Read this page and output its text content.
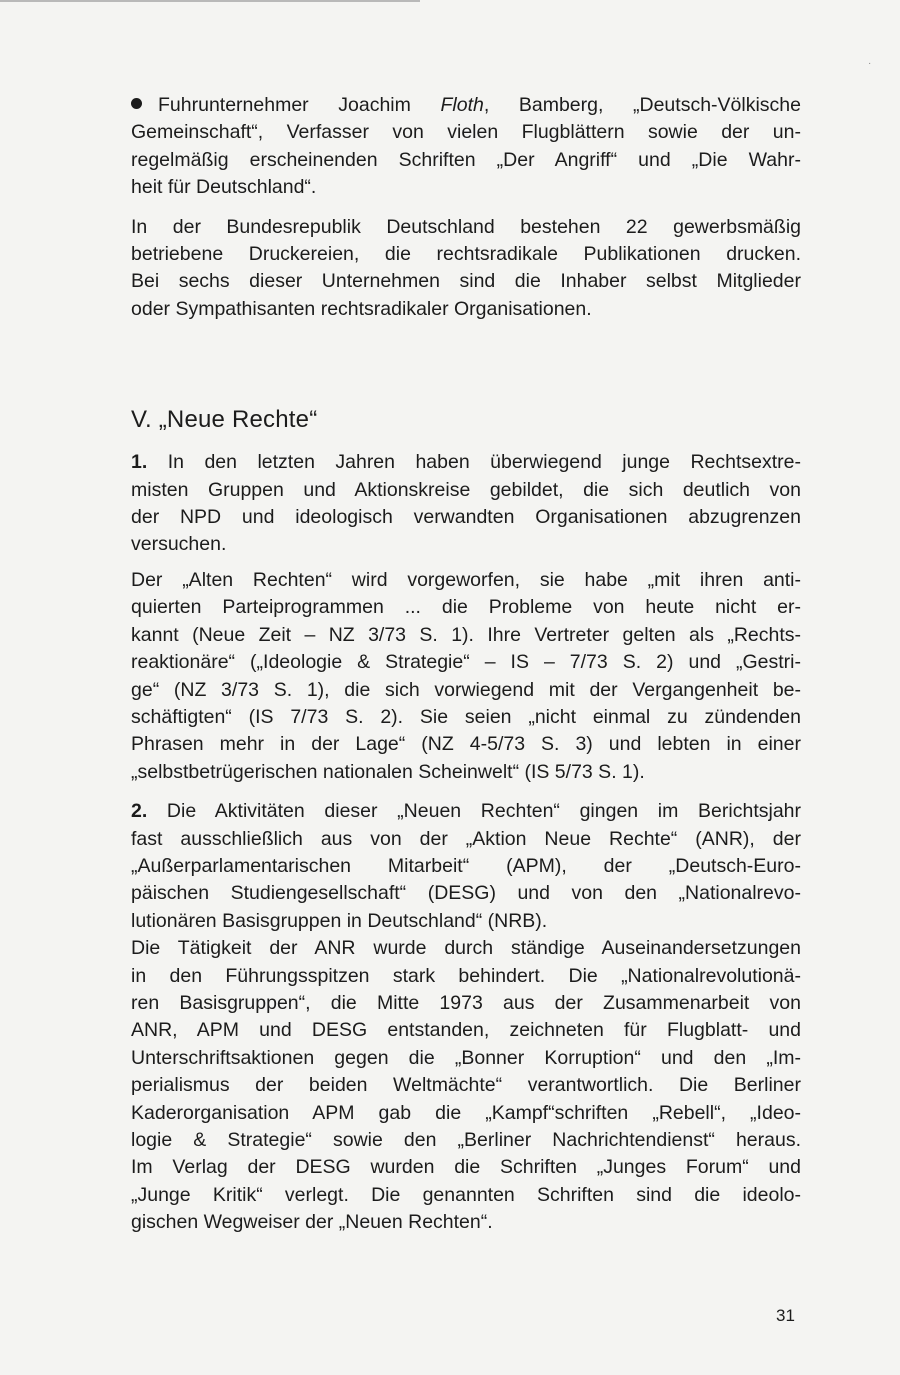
·
Fuhrunternehmer Joachim Floth, Bamberg, „Deutsch-Völkische
Gemeinschaft“, Verfasser von vielen Flugblättern sowie der un-
regelmäßig erscheinenden Schriften „Der Angriff“ und „Die Wahr-
heit für Deutschland“.
In der Bundesrepublik Deutschland bestehen 22 gewerbsmäßig
betriebene Druckereien, die rechtsradikale Publikationen drucken.
Bei sechs dieser Unternehmen sind die Inhaber selbst Mitglieder
oder Sympathisanten rechtsradikaler Organisationen.
V. „Neue Rechte“
1. In den letzten Jahren haben überwiegend junge Rechtsextre-
misten Gruppen und Aktionskreise gebildet, die sich deutlich von
der NPD und ideologisch verwandten Organisationen abzugrenzen
versuchen.
Der „Alten Rechten“ wird vorgeworfen, sie habe „mit ihren anti-
quierten Parteiprogrammen ... die Probleme von heute nicht er-
kannt (Neue Zeit – NZ 3/73 S. 1). Ihre Vertreter gelten als „Rechts-
reaktionäre“ („Ideologie & Strategie“ – IS – 7/73 S. 2) und „Gestri-
ge“ (NZ 3/73 S. 1), die sich vorwiegend mit der Vergangenheit be-
schäftigten“ (IS 7/73 S. 2). Sie seien „nicht einmal zu zündenden
Phrasen mehr in der Lage“ (NZ 4-5/73 S. 3) und lebten in einer
„selbstbetrügerischen nationalen Scheinwelt“ (IS 5/73 S. 1).
2. Die Aktivitäten dieser „Neuen Rechten“ gingen im Berichtsjahr
fast ausschließlich aus von der „Aktion Neue Rechte“ (ANR), der
„Außerparlamentarischen Mitarbeit“ (APM), der „Deutsch-Euro-
päischen Studiengesellschaft“ (DESG) und von den „Nationalrevo-
lutionären Basisgruppen in Deutschland“ (NRB).
Die Tätigkeit der ANR wurde durch ständige Auseinandersetzungen
in den Führungsspitzen stark behindert. Die „Nationalrevolutionä-
ren Basisgruppen“, die Mitte 1973 aus der Zusammenarbeit von
ANR, APM und DESG entstanden, zeichneten für Flugblatt- und
Unterschriftsaktionen gegen die „Bonner Korruption“ und den „Im-
perialismus der beiden Weltmächte“ verantwortlich. Die Berliner
Kaderorganisation APM gab die „Kampf“schriften „Rebell“, „Ideo-
logie & Strategie“ sowie den „Berliner Nachrichtendienst“ heraus.
Im Verlag der DESG wurden die Schriften „Junges Forum“ und
„Junge Kritik“ verlegt. Die genannten Schriften sind die ideolo-
gischen Wegweiser der „Neuen Rechten“.
31
